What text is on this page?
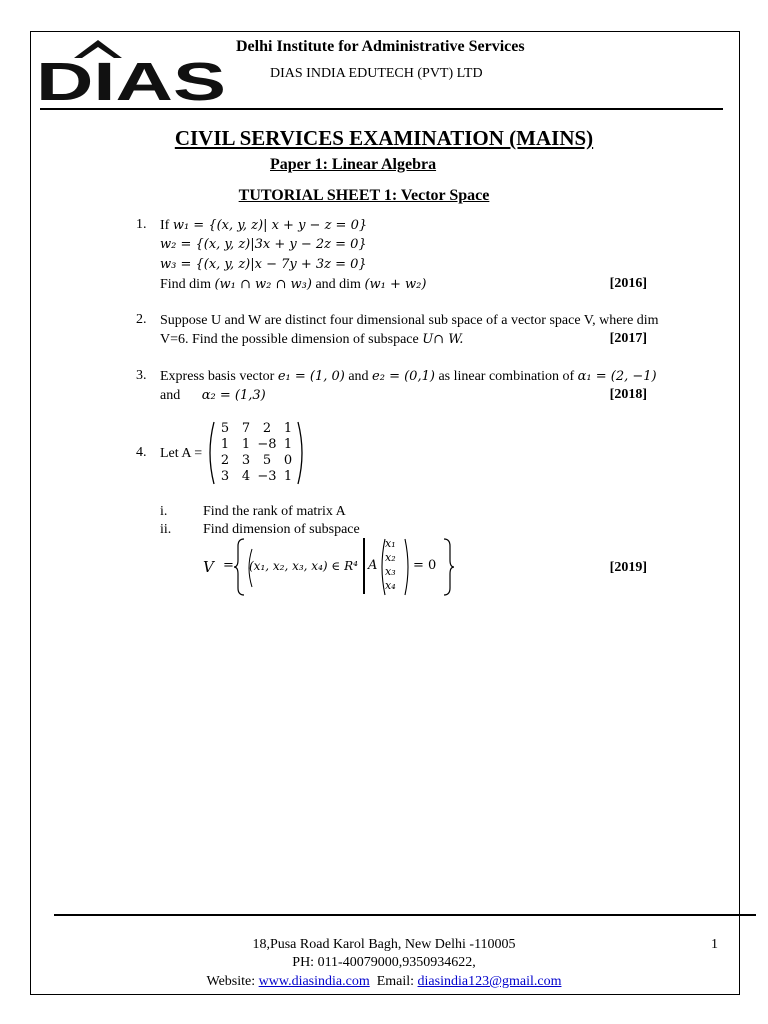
DIAS
Delhi Institute for Administrative Services
DIAS INDIA EDUTECH (PVT) LTD
CIVIL SERVICES EXAMINATION (MAINS)
Paper 1: Linear Algebra
TUTORIAL SHEET 1: Vector Space
1. If w₁ = {(x, y, z)| x + y − z = 0}
w₂ = {(x, y, z)|3x + y − 2z = 0}
w₃ = {(x, y, z)|x − 7y + 3z = 0}
Find dim (w₁ ∩ w₂ ∩ w₃) and dim (w₁ + w₂)	[2016]
2. Suppose U and W are distinct four dimensional sub space of a vector space V, where dim
V=6. Find the possible dimension of subspace U∩ W.	[2017]
3. Express basis vector e₁ = (1, 0) and e₂ = (0,1) as linear combination of α₁ = (2, −1)
and α₂ = (1,3)	[2018]
4. Let A =
5 7 2 1
1 1 −8 1
2 3 5 0
3 4 −3 1
i.	Find the rank of matrix A
ii. Find dimension of subspace
V = (x₁, x₂, x₃, x₄) ∈ R⁴ A
x₁
x₂
x₃
x₄
= 0	[2019]
18,Pusa Road Karol Bagh, New Delhi -110005
PH: 011-40079000,9350934622,
Website: www.diasindia.com Email: diasindia123@gmail.com
1
